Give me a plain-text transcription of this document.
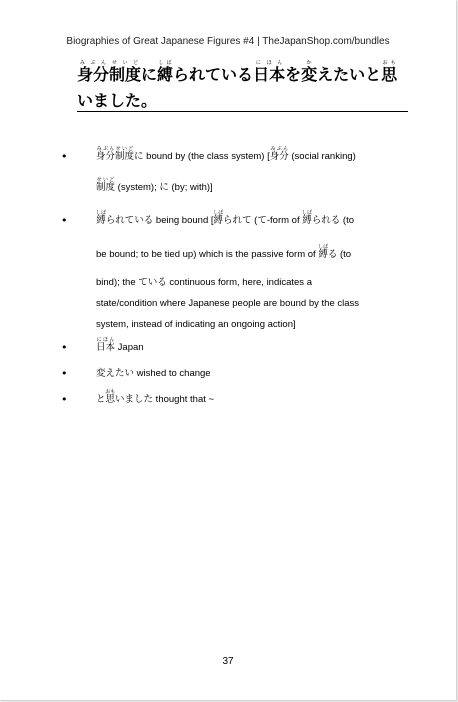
Biographies of Great Japanese Figures #4 | TheJapanShop.com/bundles
身分制度みぶんせいどに縛しばられている日本にほんを変かえたいと思おもいました。
•	身分制度みぶんせいどに bound by (the class system) [身分みぶん (social ranking)
制度せいど (system); に (by; with)]
•	縛しばられている being bound [縛しばられて (て-form of 縛しばられる (to
be bound; to be tied up) which is the passive form of 縛しばる (to

bind); the ている continuous form, here, indicates a
state/condition where Japanese people are bound by the class
system, instead of indicating an ongoing action]
•	日本にほん Japan
•	変えたい wished to change
•	と思おもいました thought that ~
37
